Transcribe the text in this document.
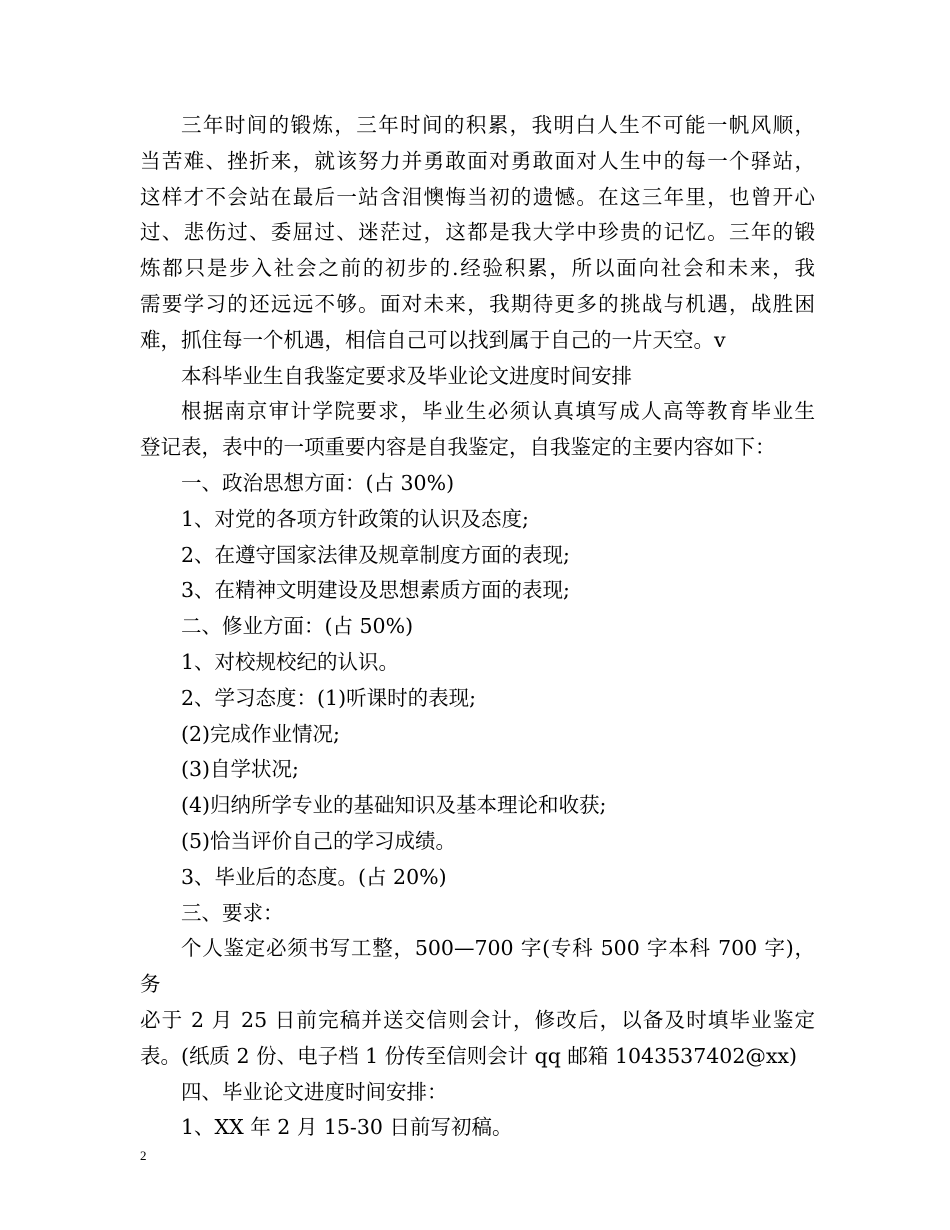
三年时间的锻炼，三年时间的积累，我明白人生不可能一帆风顺，
当苦难、挫折来，就该努力并勇敢面对勇敢面对人生中的每一个驿站，
这样才不会站在最后一站含泪懊悔当初的遗憾。在这三年里，也曾开心
过、悲伤过、委屈过、迷茫过，这都是我大学中珍贵的记忆。三年的锻
炼都只是步入社会之前的初步的.经验积累，所以面向社会和未来，我
需要学习的还远远不够。面对未来，我期待更多的挑战与机遇，战胜困
难，抓住每一个机遇，相信自己可以找到属于自己的一片天空。v

本科毕业生自我鉴定要求及毕业论文进度时间安排

根据南京审计学院要求，毕业生必须认真填写成人高等教育毕业生
登记表，表中的一项重要内容是自我鉴定，自我鉴定的主要内容如下：

一、政治思想方面：(占 30%)

1、对党的各项方针政策的认识及态度;

2、在遵守国家法律及规章制度方面的表现;

3、在精神文明建设及思想素质方面的表现;

二、修业方面：(占 50%)

1、对校规校纪的认识。

2、学习态度：(1)听课时的表现;

(2)完成作业情况;

(3)自学状况;

(4)归纳所学专业的基础知识及基本理论和收获;

(5)恰当评价自己的学习成绩。

3、毕业后的态度。(占 20%)

三、要求：

个人鉴定必须书写工整，500—700 字(专科 500 字本科 700 字)，务
必于 2 月 25 日前完稿并送交信则会计，修改后，以备及时填毕业鉴定
表。(纸质 2 份、电子档 1 份传至信则会计 qq 邮箱 1043537402@xx)

四、毕业论文进度时间安排：

1、XX 年 2 月 15-30 日前写初稿。

2
